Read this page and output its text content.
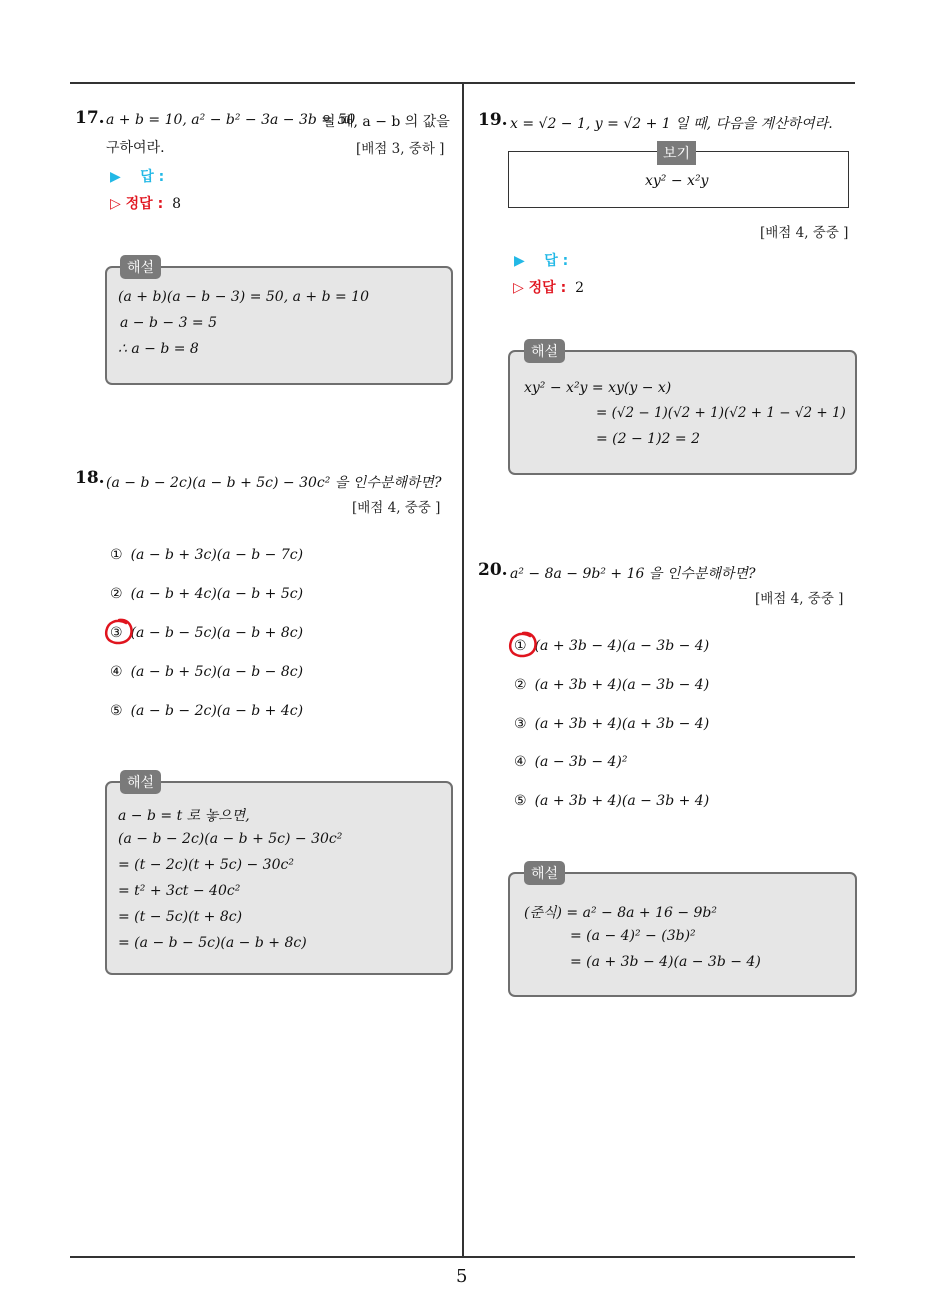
5
17. a + b = 10, a² − b² − 3a − 3b = 50
일 때, a − b 의 값을
구하여라.	[배점 3, 중하 ]
▶ 답 :
▷ 정답 : 8
해설
(a + b)(a − b − 3) = 50, a + b = 10
a − b − 3 = 5
∴ a − b = 8
18. (a − b − 2c)(a − b + 5c) − 30c² 을 인수분해하면?
[배점 4, 중중 ]
① (a − b + 3c)(a − b − 7c)
② (a − b + 4c)(a − b + 5c)
③ (a − b − 5c)(a − b + 8c)
④ (a − b + 5c)(a − b − 8c)
⑤ (a − b − 2c)(a − b + 4c)
해설
a − b = t 로 놓으면,
(a − b − 2c)(a − b + 5c) − 30c²
= (t − 2c)(t + 5c) − 30c²
= t² + 3ct − 40c²
= (t − 5c)(t + 8c)
= (a − b − 5c)(a − b + 8c)
19. x = √2 − 1, y = √2 + 1 일 때, 다음을 계산하여라.
보기
xy² − x²y
[배점 4, 중중 ]
▶ 답 :
▷ 정답 : 2
해설
xy² − x²y = xy(y − x)
= (√2 − 1)(√2 + 1)(√2 + 1 − √2 + 1)
= (2 − 1)2 = 2
20. a² − 8a − 9b² + 16 을 인수분해하면?
[배점 4, 중중 ]
① (a + 3b − 4)(a − 3b − 4)
② (a + 3b + 4)(a − 3b − 4)
③ (a + 3b + 4)(a + 3b − 4)
④ (a − 3b − 4)²
⑤ (a + 3b + 4)(a − 3b + 4)
해설
(준식) = a² − 8a + 16 − 9b²
= (a − 4)² − (3b)²
= (a + 3b − 4)(a − 3b − 4)
